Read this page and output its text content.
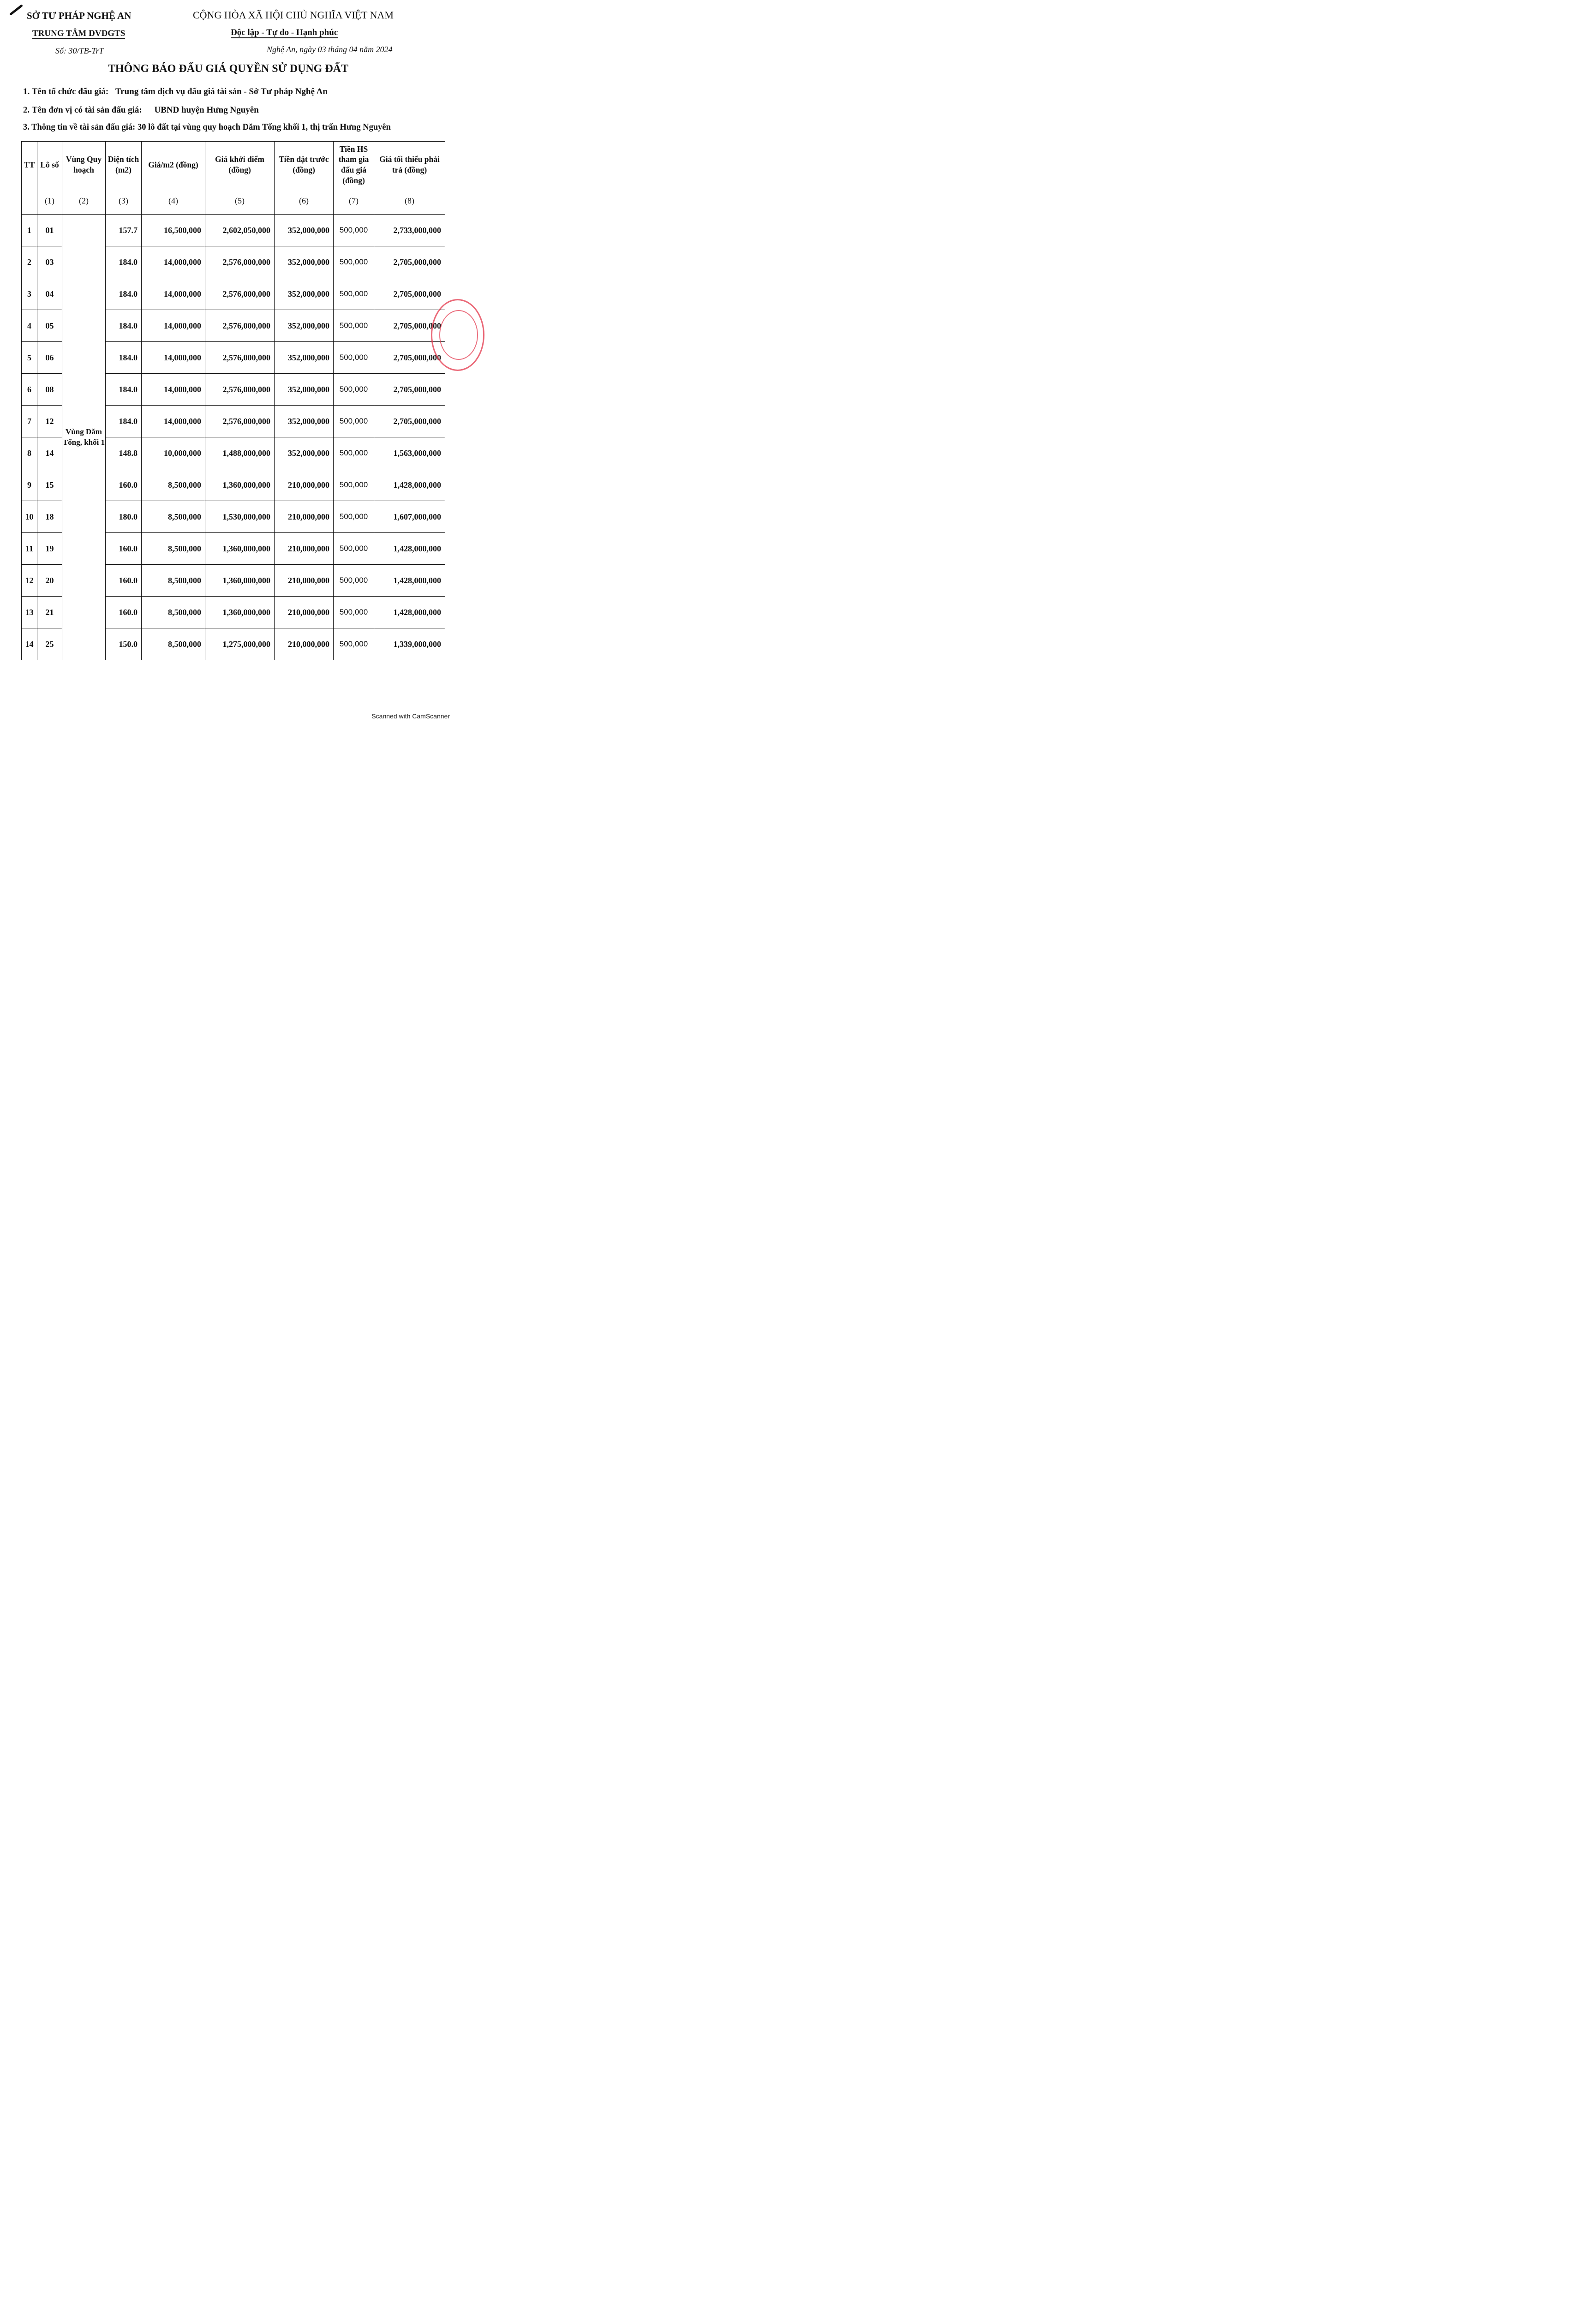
SỞ TƯ PHÁP NGHỆ AN
TRUNG TÂM DVĐGTS
Số: 30/TB-TrT
CỘNG HÒA XÃ HỘI CHỦ NGHĨA VIỆT NAM
Độc lập - Tự do - Hạnh phúc
Nghệ An, ngày 03 tháng 04 năm 2024
THÔNG BÁO ĐẤU GIÁ QUYỀN SỬ DỤNG ĐẤT
1. Tên tổ chức đấu giá: Trung tâm dịch vụ đấu giá tài sản - Sở Tư pháp Nghệ An
2. Tên đơn vị có tài sản đấu giá: UBND huyện Hưng Nguyên
3. Thông tin về tài sản đấu giá: 30 lô đất tại vùng quy hoạch Dăm Tống khối 1, thị trấn Hưng Nguyên
TT	Lô số	Vùng Quy hoạch	Diện tích (m2)	Giá/m2 (đồng)	Giá khởi điểm (đồng)	Tiền đặt trước (đồng)	Tiền HS tham gia đấu giá (đồng)	Giá tối thiểu phải trả (đồng)
	(1)	(2)	(3)	(4)	(5)	(6)	(7)	(8)
1	01	Vùng Dăm Tống, khối 1	157.7	16,500,000	2,602,050,000	352,000,000	500,000	2,733,000,000
2	03		184.0	14,000,000	2,576,000,000	352,000,000	500,000	2,705,000,000
3	04		184.0	14,000,000	2,576,000,000	352,000,000	500,000	2,705,000,000
4	05		184.0	14,000,000	2,576,000,000	352,000,000	500,000	2,705,000,000
5	06		184.0	14,000,000	2,576,000,000	352,000,000	500,000	2,705,000,000
6	08		184.0	14,000,000	2,576,000,000	352,000,000	500,000	2,705,000,000
7	12		184.0	14,000,000	2,576,000,000	352,000,000	500,000	2,705,000,000
8	14		148.8	10,000,000	1,488,000,000	352,000,000	500,000	1,563,000,000
9	15		160.0	8,500,000	1,360,000,000	210,000,000	500,000	1,428,000,000
10	18		180.0	8,500,000	1,530,000,000	210,000,000	500,000	1,607,000,000
11	19		160.0	8,500,000	1,360,000,000	210,000,000	500,000	1,428,000,000
12	20		160.0	8,500,000	1,360,000,000	210,000,000	500,000	1,428,000,000
13	21		160.0	8,500,000	1,360,000,000	210,000,000	500,000	1,428,000,000
14	25		150.0	8,500,000	1,275,000,000	210,000,000	500,000	1,339,000,000
Scanned with CamScanner
